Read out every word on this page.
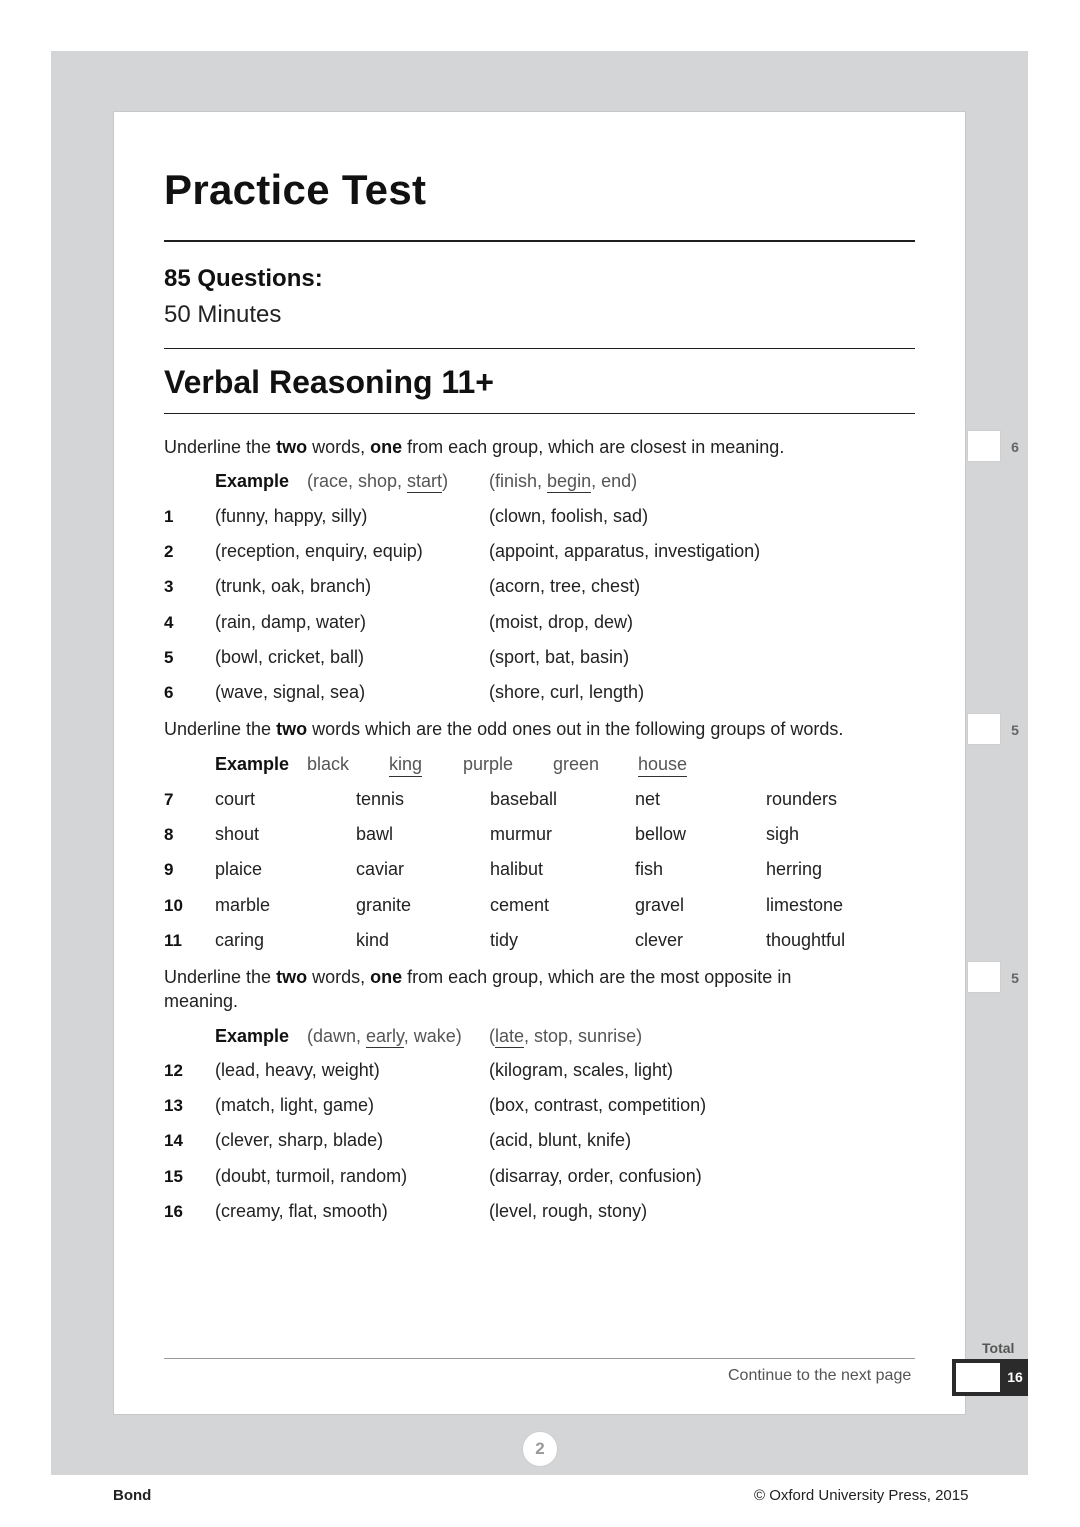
Practice Test
85 Questions:
50 Minutes
Verbal Reasoning 11+
Underline the two words, one from each group, which are closest in meaning.	6
Example (race, shop, start) (finish, begin, end)
1 (funny, happy, silly)	(clown, foolish, sad)
2 (reception, enquiry, equip)	(appoint, apparatus, investigation)
3 (trunk, oak, branch)	(acorn, tree, chest)
4 (rain, damp, water)	(moist, drop, dew)
5 (bowl, cricket, ball)	(sport, bat, basin)
6 (wave, signal, sea)	(shore, curl, length)
Underline the two words which are the odd ones out in the following groups of words.	5
Example black king purple green house
7 court	tennis	baseball	net	rounders
8 shout	bawl	murmur	bellow	sigh
9 plaice	caviar	halibut	fish	herring
10 marble	granite	cement	gravel	limestone
11 caring	kind	tidy	clever	thoughtful
Underline the two words, one from each group, which are the most opposite in meaning.
5
Example (dawn, early, wake) (late, stop, sunrise)
12 (lead, heavy, weight)	(kilogram, scales, light)
13 (match, light, game)	(box, contrast, competition)
14 (clever, sharp, blade)	(acid, blunt, knife)
15 (doubt, turmoil, random)	(disarray, order, confusion)
16 (creamy, flat, smooth)	(level, rough, stony)
Continue to the next page
Total
16
2
Bond	© Oxford University Press, 2015
